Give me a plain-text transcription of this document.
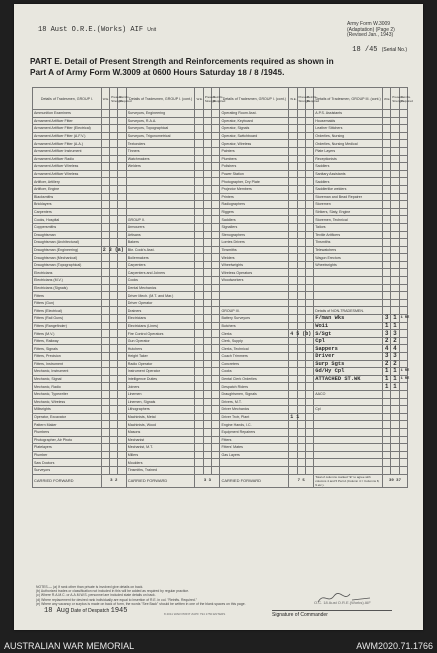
18 Aust O.R.E.(Works) AIF Unit
Army Form W.3009
(Adaptation) (Page 2)
(Revised Jan., 1943)
18 /45 (Serial No.)
PART E. Detail of Present Strength and Reinforcements required as shown in
Part A of Army Form W.3009 at 0600 Hours Saturday 18 / 8 /1945.
Details of Tradesmen, GROUP I.	W.E.	Present Strength	Reinfts. Required	Details of Tradesmen, GROUP I. (cont.)	W.E.	Present Strength	Reinfts. Required	Details of Tradesmen, GROUP I. (cont.)	W.E.	Present Strength	Reinfts. Required	Details of Tradesmen, GROUP III. (cont.)	W.E.	Present Strength	Reinfts. Required
Ammunition Examiners				Surveyors, Engineering				Operating Room Asst.				A.P.S. Assistants			
Armament Artificer Fitter				Surveyors, R.A.A.				Operator, Keyboard				Housemaids			
Armament Artificer Fitter (Electrical)				Surveyors, Topographical				Operator, Signals				Leather Stitchers			
Armament Artificer Fitter (A.F.V.)				Surveyors, Trigonometrical				Operator, Switchboard				Orderlies, Nursing			
Armament Artificer Fitter (A.A.)				Textonders				Operator, Wireless				Orderlies, Nursing Medical			
Armament Artificer Instrument				Tinners				Painters				Plate Layers			
Armament Artificer Radio				Watchmakers				Plumbers				Receptionists			
Armament Artificer Wireless				Welders				Polishers				Saddlers			
Armament Artificer Wireless								Power Station				Sanitary Assistants			
Artificer, Artillery								Photographer, Dry Plate				Saddlers			
Artificer, Engine								Projector Members				Saddlerlike welders			
Blacksmiths								Printers				Storeman and Bead Repairer			
Bricklayers								Radiographers				Storemen			
Carpenters								Riggers				Strikers, Slaty, Engine			
Cooks, Hospital				GROUP II.				Saddlers				Storemen, Technical			
Coppersmiths				Armourers				Signallers				Tailors			
Draughtsman				Artisans				Stenographers				Textile Artificers			
Draughtsman (Architectural)				Bakers				Lorries Drivers				Tinsmiths			
Draughtsman (Engineering)	2 3 (a)			Bkr. Cook's Asst.				Tinsmiths				Telewatchers			
Draughtsman (Mechanical)				Boilermakers				Welders				Wagon Erectors			
Draughtsman (Topographical)				Carpenters				Wheelwrights				Wheelwrights			
Electricians				Carpenters and Joiners				Wireless Operators							
Electricians (M.V.)				Cooks				Woodworkers							
Electricians (Signals)				Dental Mechanics											
Fitters				Driver Mech. (M.T. and Mar.)											
Fitters (Gun)				Driver Operator											
Fitters (Electrical)				Drainers				GROUP III.				Details of NON-TRADESMEN.			
Fitters (Rail Guns)				Electricians				Battery Surveyors				F/man Wks	3	1	1 RE
Fitters (Rangefinder)				Electricians (Lines)				Butchers				Wo11	1	1	
Fitters (M.V.)				Fire Control Operators				Clerks	4 5 (b)			S/Sgt	3	3	
Fitters, Railway				Gun Operator				Clerk, Supply				Cpl	2	2	
Fitters, Signals				Hutchers				Clerks, Technical				Sappers	4	4	
Fitters, Precision				Height Taker				Coach Trimmers				Driver	3	3	
Fitters, Instrument				Radio Operator				Concreters				Surp Sgts	2	2	
Mechanic, Instrument				Instrument Operator				Cooks				Gd/Hy Cpl	1	1	1 RE
Mechanic, Signal				Intelligence Duties				Dental Clerk Orderlies				ATTACHED ST.WK	1	1	1 RE
Mechanic, Radio				Joiners				Despatch Riders					1	1	
Mechanic, Typewriter				Linemen				Draughtsmen, Signals				AACO			
Mechanic, Wireless				Linemen, Signals				Drivers, M.T.							
Millwrights				Lithographers				Driver Mechanics				Cpl			
Operator, Excavator				Machinists, Metal				Driver Trctr, Plant	1 1						
Pattern Maker				Machinists, Wood				Engine Hands, I.C.							
Plumbers				Masons				Equipment Repairers							
Photographer, Air Photo				Mechanist				Fitters							
Platelayers				Mechanist, M.T.				Fitters' Mates							
Plumber				Millers				Gas Layers							
Saw Doctors				Moulders											
Surveyors				Tinsmiths, Trained											
CARRIED FORWARD	3 2			CARRIED FORWARD	3 3			CARRIED FORWARD	7 5			Total of columns marked "E" to agree with columns 4 and 5 Part A (Column 4 = Columns 8, 9 etc.).	39 37		
NOTES.— (a) If rank other than private is involved give details on back.
(b) Authorized trades or classification not included in this will be added as required by regular practice.
(c) Where R.A.M.C. or A.A.M.W.S. personnel are included state details on back.
(d) Where replacement for desired rank individually are equal to insertion of R.E. in col. "Reinfts. Required."
(e) Where any vacancy or surplus is made on back of form, the words "See Back" should be written in one of the blank spaces on this page.
18 Aug Date of Despatch 1945	8 4011 WAR PRINT ZAPF 794 1750 ENTERS
O.C. 18 Aust O.R.E.(Works) AIF
Signature of Commander
AUSTRALIAN WAR MEMORIAL	AWM2020.71.1766
